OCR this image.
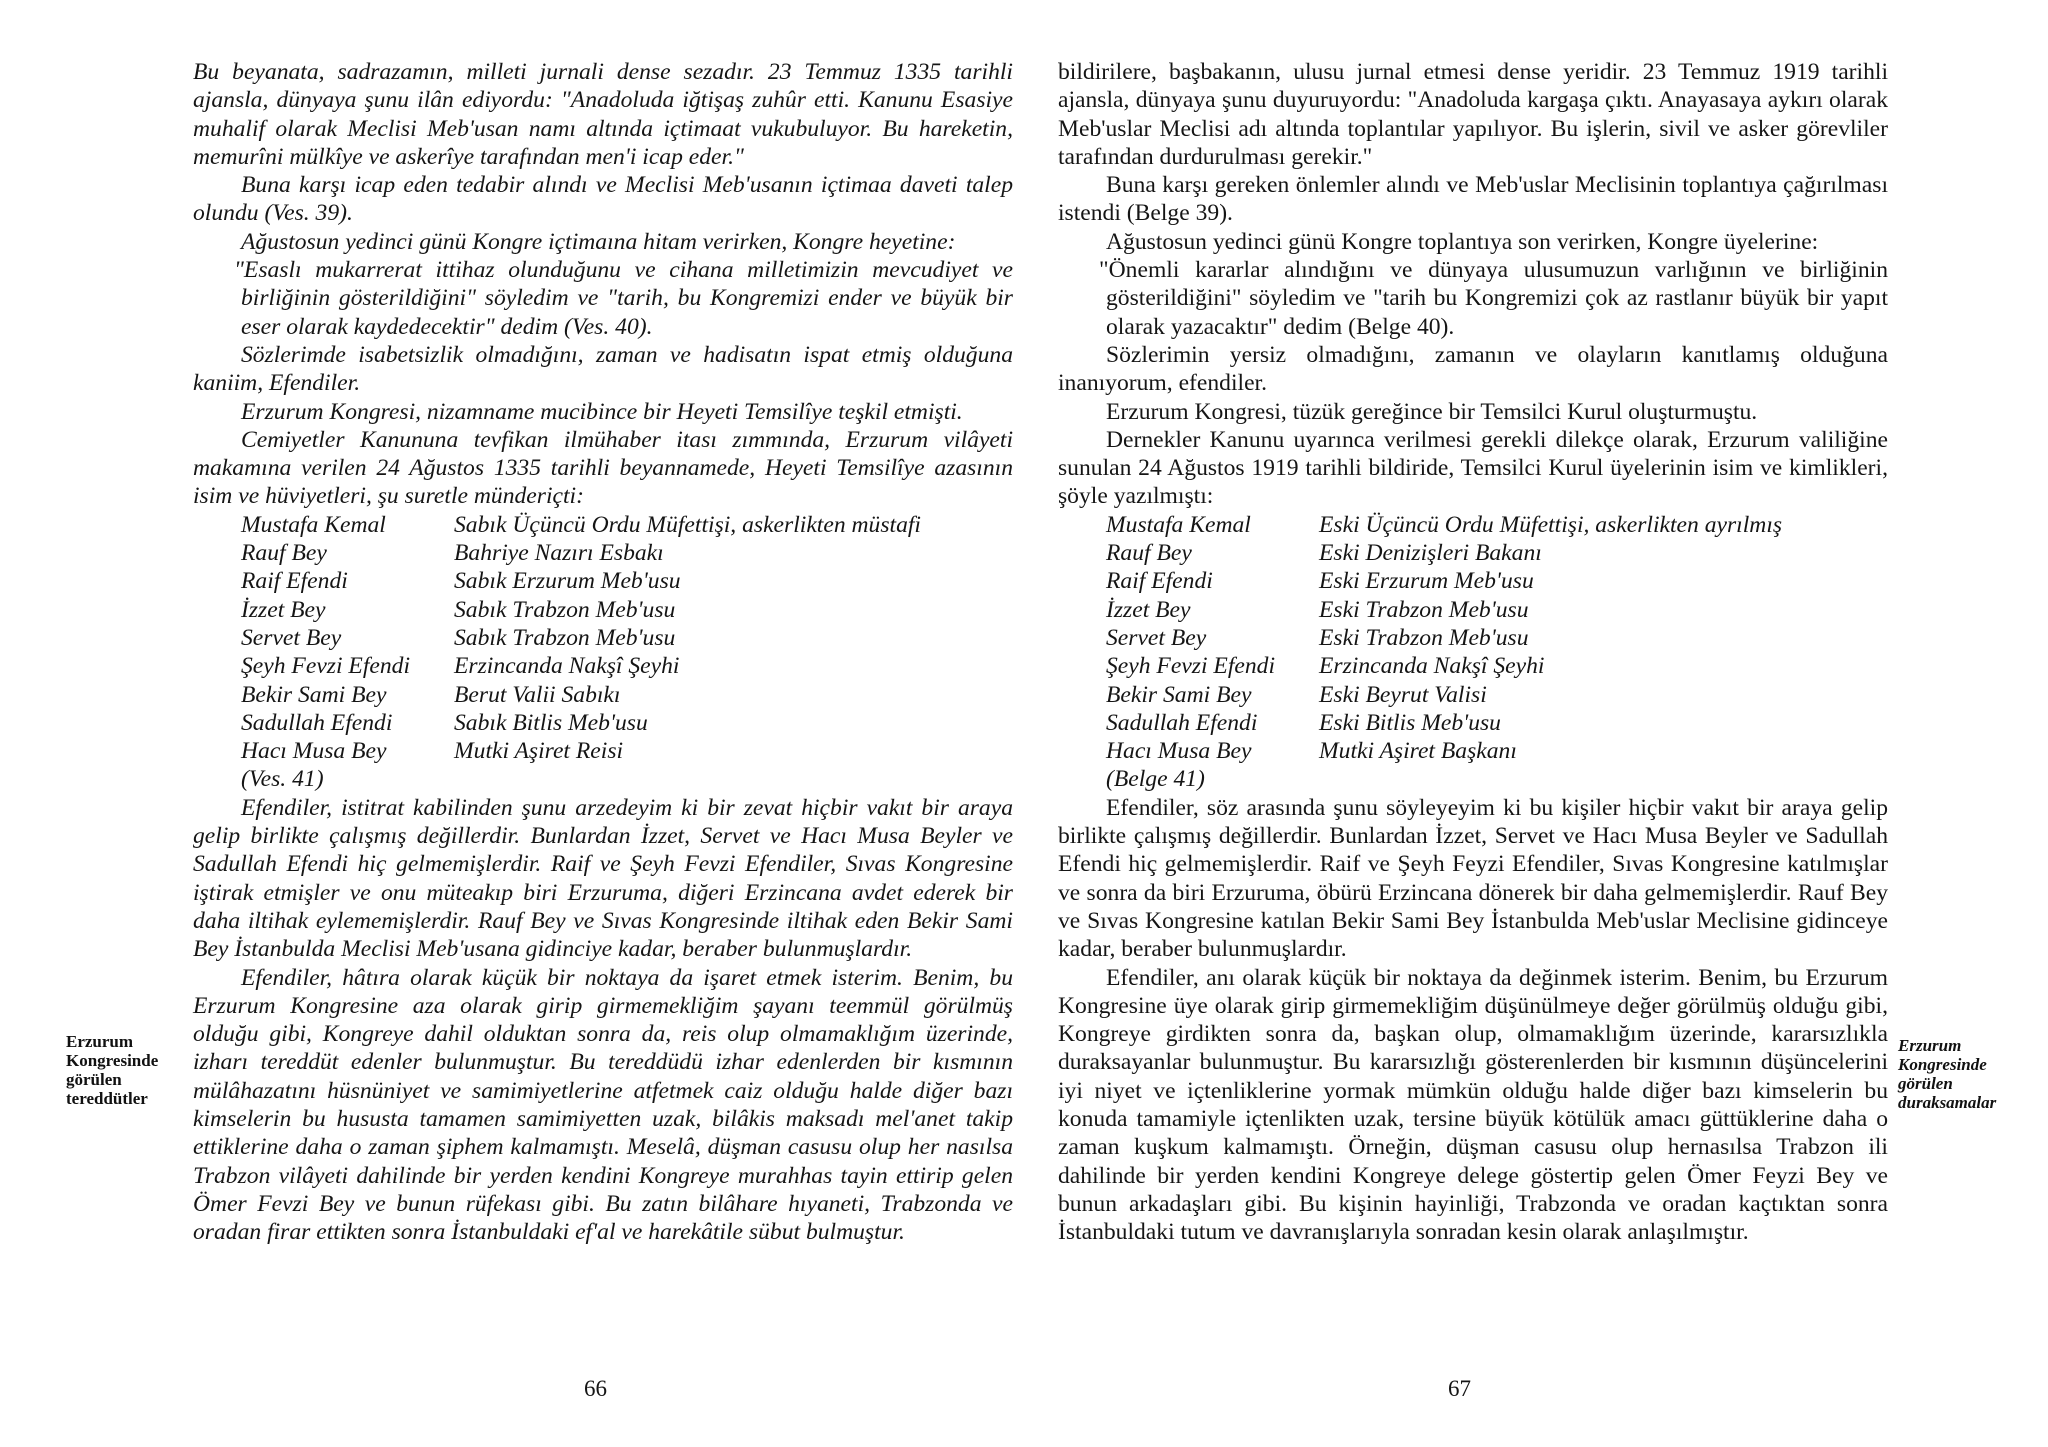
Bu beyanata, sadrazamın, milleti jurnali dense sezadır. 23 Temmuz 1335 tarihli ajansla, dünyaya şunu ilân ediyordu: "Anadoluda iğtişaş zuhûr etti. Kanunu Esasiye muhalif olarak Meclisi Meb'usan namı altında içtimaat vukubuluyor. Bu hareketin, memurîni mülkîye ve askerîye tarafından men'i icap eder."

Buna karşı icap eden tedabir alındı ve Meclisi Meb'usanın içtimaa daveti talep olundu (Ves. 39).

Ağustosun yedinci günü Kongre içtimaına hitam verirken, Kongre heyetine:

"Esaslı mukarrerat ittihaz olunduğunu ve cihana milletimizin mevcudiyet ve birliğinin gösterildiğini" söyledim ve "tarih, bu Kongremizi ender ve büyük bir eser olarak kaydedecektir" dedim (Ves. 40).

Sözlerimde isabetsizlik olmadığını, zaman ve hadisatın ispat etmiş olduğuna kaniim, Efendiler.

Erzurum Kongresi, nizamname mucibince bir Heyeti Temsilîye teşkil etmişti.

Cemiyetler Kanununa tevfikan ilmühaber itası zımmında, Erzurum vilâyeti makamına verilen 24 Ağustos 1335 tarihli beyannamede, Heyeti Temsilîye azasının isim ve hüviyetleri, şu suretle münderiçti:

Mustafa Kemal	Sabık Üçüncü Ordu Müfettişi, askerlikten müstafi
Rauf Bey	Bahriye Nazırı Esbakı
Raif Efendi	Sabık Erzurum Meb'usu
İzzet Bey	Sabık Trabzon Meb'usu
Servet Bey	Sabık Trabzon Meb'usu
Şeyh Fevzi Efendi	Erzincanda Nakşî Şeyhi
Bekir Sami Bey	Berut Valii Sabıkı
Sadullah Efendi	Sabık Bitlis Meb'usu
Hacı Musa Bey	Mutki Aşiret Reisi
(Ves. 41)

Efendiler, istitrat kabilinden şunu arzedeyim ki bir zevat hiçbir vakıt bir araya gelip birlikte çalışmış değillerdir. Bunlardan İzzet, Servet ve Hacı Musa Beyler ve Sadullah Efendi hiç gelmemişlerdir. Raif ve Şeyh Fevzi Efendiler, Sıvas Kongresine iştirak etmişler ve onu müteakıp biri Erzuruma, diğeri Erzincana avdet ederek bir daha iltihak eylememişlerdir. Rauf Bey ve Sıvas Kongresinde iltihak eden Bekir Sami Bey İstanbulda Meclisi Meb'usana gidinciye kadar, beraber bulunmuşlardır.

Efendiler, hâtıra olarak küçük bir noktaya da işaret etmek isterim. Benim, bu Erzurum Kongresine aza olarak girip girmemekliğim şayanı teemmül görülmüş olduğu gibi, Kongreye dahil olduktan sonra da, reis olup olmamaklığım üzerinde, izharı tereddüt edenler bulunmuştur. Bu tereddüdü izhar edenlerden bir kısmının mülâhazatını hüsnüniyet ve samimiyetlerine atfetmek caiz olduğu halde diğer bazı kimselerin bu hususta tamamen samimiyetten uzak, bilâkis maksadı mel'anet takip ettiklerine daha o zaman şiphem kalmamıştı. Meselâ, düşman casusu olup her nasılsa Trabzon vilâyeti dahilinde bir yerden kendini Kongreye murahhas tayin ettirip gelen Ömer Fevzi Bey ve bunun rüfekası gibi. Bu zatın bilâhare hıyaneti, Trabzonda ve oradan firar ettikten sonra İstanbuldaki ef'al ve harekâtile sübut bulmuştur.

Erzurum Kongresinde görülen tereddütler
66

bildirilere, başbakanın, ulusu jurnal etmesi dense yeridir. 23 Temmuz 1919 tarihli ajansla, dünyaya şunu duyuruyordu: "Anadoluda kargaşa çıktı. Anayasaya aykırı olarak Meb'uslar Meclisi adı altında toplantılar yapılıyor. Bu işlerin, sivil ve asker görevliler tarafından durdurulması gerekir."

Buna karşı gereken önlemler alındı ve Meb'uslar Meclisinin toplantıya çağırılması istendi (Belge 39).

Ağustosun yedinci günü Kongre toplantıya son verirken, Kongre üyelerine:

"Önemli kararlar alındığını ve dünyaya ulusumuzun varlığının ve birliğinin gösterildiğini" söyledim ve "tarih bu Kongremizi çok az rastlanır büyük bir yapıt olarak yazacaktır" dedim (Belge 40).

Sözlerimin yersiz olmadığını, zamanın ve olayların kanıtlamış olduğuna inanıyorum, efendiler.

Erzurum Kongresi, tüzük gereğince bir Temsilci Kurul oluşturmuştu.

Dernekler Kanunu uyarınca verilmesi gerekli dilekçe olarak, Erzurum valiliğine sunulan 24 Ağustos 1919 tarihli bildiride, Temsilci Kurul üyelerinin isim ve kimlikleri, şöyle yazılmıştı:

Mustafa Kemal	Eski Üçüncü Ordu Müfettişi, askerlikten ayrılmış
Rauf Bey	Eski Denizişleri Bakanı
Raif Efendi	Eski Erzurum Meb'usu
İzzet Bey	Eski Trabzon Meb'usu
Servet Bey	Eski Trabzon Meb'usu
Şeyh Fevzi Efendi	Erzincanda Nakşî Şeyhi
Bekir Sami Bey	Eski Beyrut Valisi
Sadullah Efendi	Eski Bitlis Meb'usu
Hacı Musa Bey	Mutki Aşiret Başkanı
(Belge 41)

Efendiler, söz arasında şunu söyleyeyim ki bu kişiler hiçbir vakıt bir araya gelip birlikte çalışmış değillerdir. Bunlardan İzzet, Servet ve Hacı Musa Beyler ve Sadullah Efendi hiç gelmemişlerdir. Raif ve Şeyh Feyzi Efendiler, Sıvas Kongresine katılmışlar ve sonra da biri Erzuruma, öbürü Erzincana dönerek bir daha gelmemişlerdir. Rauf Bey ve Sıvas Kongresine katılan Bekir Sami Bey İstanbulda Meb'uslar Meclisine gidinceye kadar, beraber bulunmuşlardır.

Efendiler, anı olarak küçük bir noktaya da değinmek isterim. Benim, bu Erzurum Kongresine üye olarak girip girmemekliğim düşünülmeye değer görülmüş olduğu gibi, Kongreye girdikten sonra da, başkan olup, olmamaklığım üzerinde, kararsızlıkla duraksayanlar bulunmuştur. Bu kararsızlığı gösterenlerden bir kısmının düşüncelerini iyi niyet ve içtenliklerine yormak mümkün olduğu halde diğer bazı kimselerin bu konuda tamamiyle içtenlikten uzak, tersine büyük kötülük amacı güttüklerine daha o zaman kuşkum kalmamıştı. Örneğin, düşman casusu olup hernasılsa Trabzon ili dahilinde bir yerden kendini Kongreye delege göstertip gelen Ömer Feyzi Bey ve bunun arkadaşları gibi. Bu kişinin hayinliği, Trabzonda ve oradan kaçtıktan sonra İstanbuldaki tutum ve davranışlarıyla sonradan kesin olarak anlaşılmıştır.

Erzurum Kongresinde görülen duraksamalar
67
